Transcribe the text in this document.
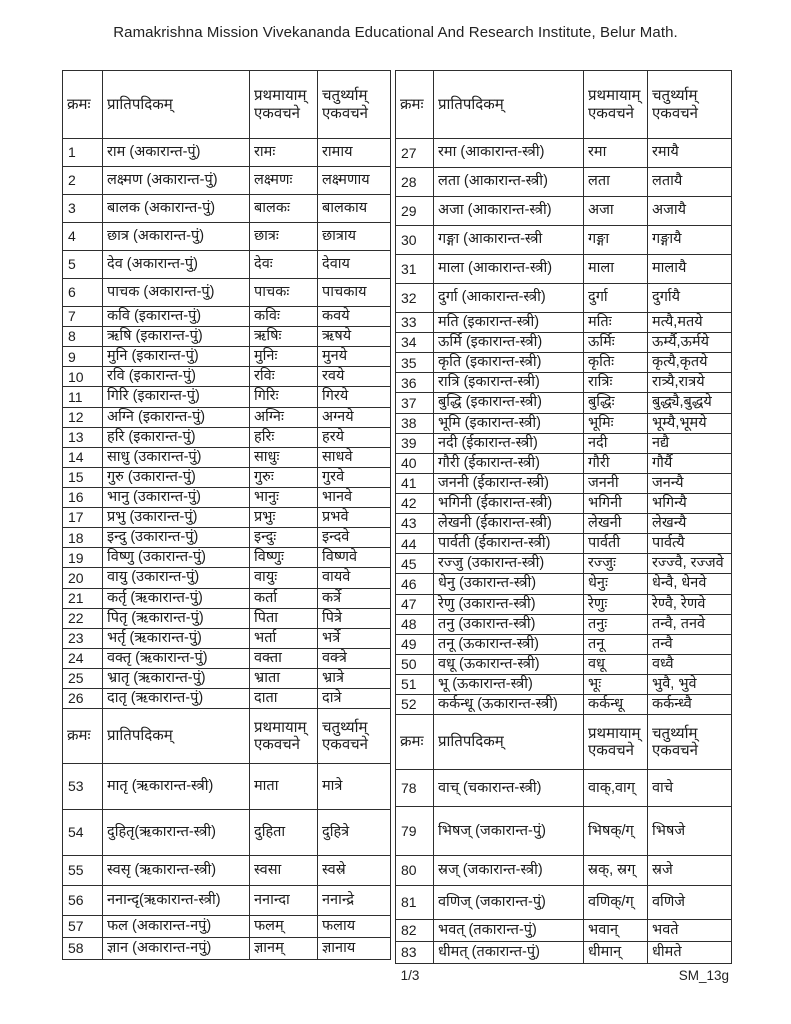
Ramakrishna Mission Vivekananda Educational And Research Institute, Belur Math.
क्रमः	प्रातिपदिकम्	प्रथमायाम् एकवचने	चतुर्थ्याम् एकवचने
1	राम (अकारान्त-पुं)	रामः	रामाय
2	लक्ष्मण (अकारान्त-पुं)	लक्ष्मणः	लक्ष्मणाय
3	बालक (अकारान्त-पुं)	बालकः	बालकाय
4	छात्र (अकारान्त-पुं)	छात्रः	छात्राय
5	देव (अकारान्त-पुं)	देवः	देवाय
6	पाचक (अकारान्त-पुं)	पाचकः	पाचकाय
7	कवि (इकारान्त-पुं)	कविः	कवये
8	ऋषि (इकारान्त-पुं)	ऋषिः	ऋषये
9	मुनि (इकारान्त-पुं)	मुनिः	मुनये
10	रवि (इकारान्त-पुं)	रविः	रवये
11	गिरि (इकारान्त-पुं)	गिरिः	गिरये
12	अग्नि (इकारान्त-पुं)	अग्निः	अग्नये
13	हरि (इकारान्त-पुं)	हरिः	हरये
14	साधु (उकारान्त-पुं)	साधुः	साधवे
15	गुरु (उकारान्त-पुं)	गुरुः	गुरवे
16	भानु (उकारान्त-पुं)	भानुः	भानवे
17	प्रभु (उकारान्त-पुं)	प्रभुः	प्रभवे
18	इन्दु (उकारान्त-पुं)	इन्दुः	इन्दवे
19	विष्णु (उकारान्त-पुं)	विष्णुः	विष्णवे
20	वायु (उकारान्त-पुं)	वायुः	वायवे
21	कर्तृ (ऋकारान्त-पुं)	कर्ता	कर्त्रे
22	पितृ (ऋकारान्त-पुं)	पिता	पित्रे
23	भर्तृ (ऋकारान्त-पुं)	भर्ता	भर्त्रे
24	वक्तृ (ऋकारान्त-पुं)	वक्ता	वक्त्रे
25	भ्रातृ (ऋकारान्त-पुं)	भ्राता	भ्रात्रे
26	दातृ (ऋकारान्त-पुं)	दाता	दात्रे
क्रमः	प्रातिपदिकम्	प्रथमायाम् एकवचने	चतुर्थ्याम् एकवचने
53	मातृ (ऋकारान्त-स्त्री)	माता	मात्रे
54	दुहितृ(ऋकारान्त-स्त्री)	दुहिता	दुहित्रे
55	स्वसृ (ऋकारान्त-स्त्री)	स्वसा	स्वस्रे
56	ननान्दृ(ऋकारान्त-स्त्री)	ननान्दा	ननान्द्रे
57	फल (अकारान्त-नपुं)	फलम्	फलाय
58	ज्ञान (अकारान्त-नपुं)	ज्ञानम्	ज्ञानाय
क्रमः	प्रातिपदिकम्	प्रथमायाम् एकवचने	चतुर्थ्याम् एकवचने
27	रमा (आकारान्त-स्त्री)	रमा	रमायै
28	लता (आकारान्त-स्त्री)	लता	लतायै
29	अजा (आकारान्त-स्त्री)	अजा	अजायै
30	गङ्गा (आकारान्त-स्त्री	गङ्गा	गङ्गायै
31	माला (आकारान्त-स्त्री)	माला	मालायै
32	दुर्गा (आकारान्त-स्त्री)	दुर्गा	दुर्गायै
33	मति (इकारान्त-स्त्री)	मतिः	मत्यै,मतये
34	ऊर्मि (इकारान्त-स्त्री)	ऊर्मिः	ऊर्म्यै,ऊर्मये
35	कृति (इकारान्त-स्त्री)	कृतिः	कृत्यै,कृतये
36	रात्रि (इकारान्त-स्त्री)	रात्रिः	रात्र्यै,रात्रये
37	बुद्धि (इकारान्त-स्त्री)	बुद्धिः	बुद्ध्यै,बुद्धये
38	भूमि (इकारान्त-स्त्री)	भूमिः	भूम्यै,भूमये
39	नदी (ईकारान्त-स्त्री)	नदी	नद्यै
40	गौरी (ईकारान्त-स्त्री)	गौरी	गौर्यै
41	जननी (ईकारान्त-स्त्री)	जननी	जनन्यै
42	भगिनी (ईकारान्त-स्त्री)	भगिनी	भगिन्यै
43	लेखनी (ईकारान्त-स्त्री)	लेखनी	लेखन्यै
44	पार्वती (ईकारान्त-स्त्री)	पार्वती	पार्वत्यै
45	रज्जु (उकारान्त-स्त्री)	रज्जुः	रज्ज्वै, रज्जवे
46	धेनु (उकारान्त-स्त्री)	धेनुः	धेन्वै, धेनवे
47	रेणु (उकारान्त-स्त्री)	रेणुः	रेण्वै, रेणवे
48	तनु (उकारान्त-स्त्री)	तनुः	तन्वै, तनवे
49	तनू (ऊकारान्त-स्त्री)	तनू	तन्वै
50	वधू (ऊकारान्त-स्त्री)	वधू	वध्वै
51	भू (ऊकारान्त-स्त्री)	भूः	भुवै, भुवे
52	कर्कन्धू (ऊकारान्त-स्त्री)	कर्कन्धू	कर्कन्ध्वै
क्रमः	प्रातिपदिकम्	प्रथमायाम् एकवचने	चतुर्थ्याम् एकवचने
78	वाच् (चकारान्त-स्त्री)	वाक्,वाग्	वाचे
79	भिषज् (जकारान्त-पुं)	भिषक्/ग्	भिषजे
80	स्रज् (जकारान्त-स्त्री)	स्रक्, स्रग्	स्रजे
81	वणिज् (जकारान्त-पुं)	वणिक्/ग्	वणिजे
82	भवत् (तकारान्त-पुं)	भवान्	भवते
83	धीमत् (तकारान्त-पुं)	धीमान्	धीमते
1/3	SM_13g
